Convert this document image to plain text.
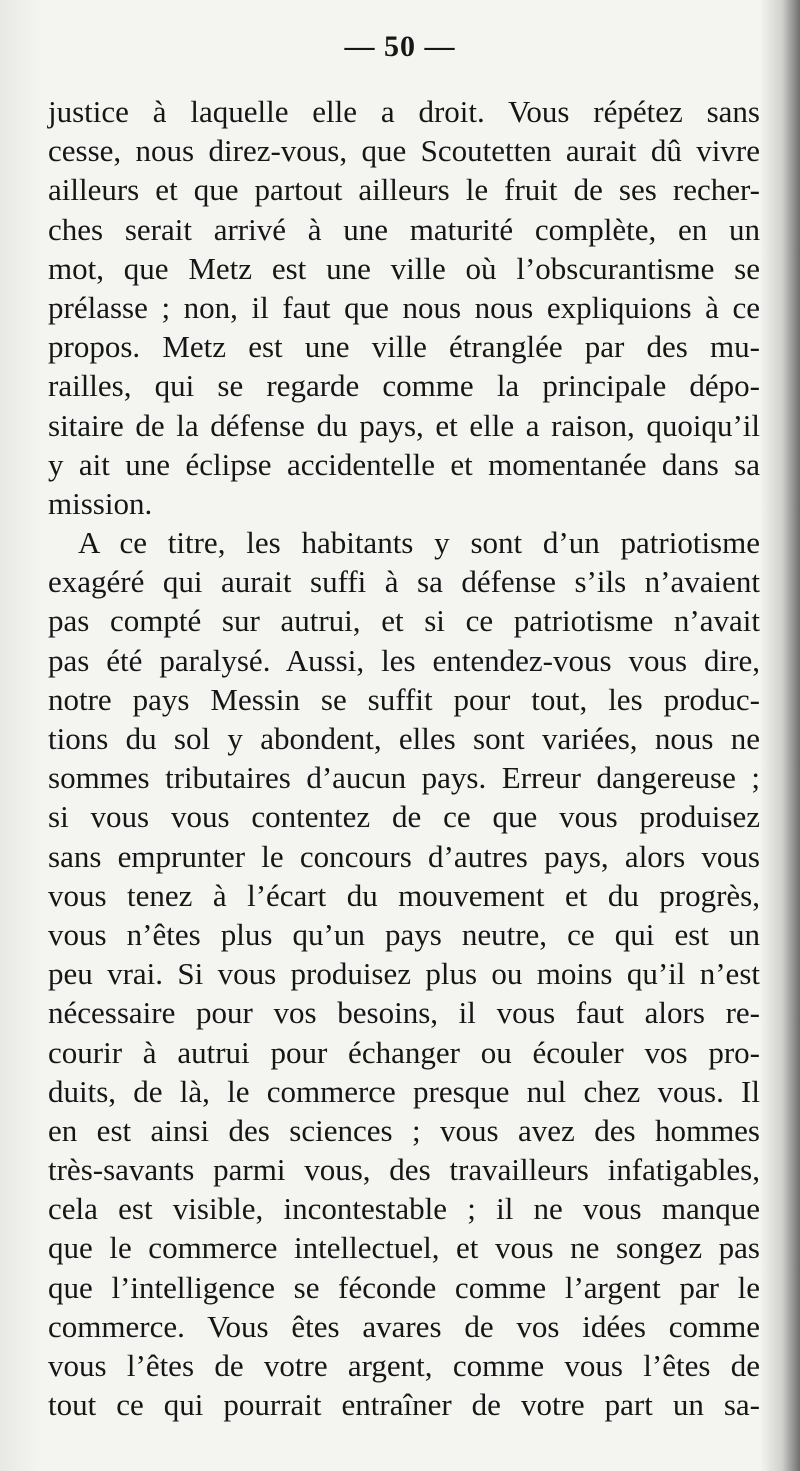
— 50 —
justice à laquelle elle a droit. Vous répétez sans
cesse, nous direz-vous, que Scoutetten aurait dû vivre
ailleurs et que partout ailleurs le fruit de ses recher-
ches serait arrivé à une maturité complète, en un
mot, que Metz est une ville où l’obscurantisme se
prélasse ; non, il faut que nous nous expliquions à ce
propos. Metz est une ville étranglée par des mu-
railles, qui se regarde comme la principale dépo-
sitaire de la défense du pays, et elle a raison, quoiqu’il
y ait une éclipse accidentelle et momentanée dans sa
mission.
A ce titre, les habitants y sont d’un patriotisme
exagéré qui aurait suffi à sa défense s’ils n’avaient
pas compté sur autrui, et si ce patriotisme n’avait
pas été paralysé. Aussi, les entendez-vous vous dire,
notre pays Messin se suffit pour tout, les produc-
tions du sol y abondent, elles sont variées, nous ne
sommes tributaires d’aucun pays. Erreur dangereuse ;
si vous vous contentez de ce que vous produisez
sans emprunter le concours d’autres pays, alors vous
vous tenez à l’écart du mouvement et du progrès,
vous n’êtes plus qu’un pays neutre, ce qui est un
peu vrai. Si vous produisez plus ou moins qu’il n’est
nécessaire pour vos besoins, il vous faut alors re-
courir à autrui pour échanger ou écouler vos pro-
duits, de là, le commerce presque nul chez vous. Il
en est ainsi des sciences ; vous avez des hommes
très-savants parmi vous, des travailleurs infatigables,
cela est visible, incontestable ; il ne vous manque
que le commerce intellectuel, et vous ne songez pas
que l’intelligence se féconde comme l’argent par le
commerce. Vous êtes avares de vos idées comme
vous l’êtes de votre argent, comme vous l’êtes de
tout ce qui pourrait entraîner de votre part un sa-
